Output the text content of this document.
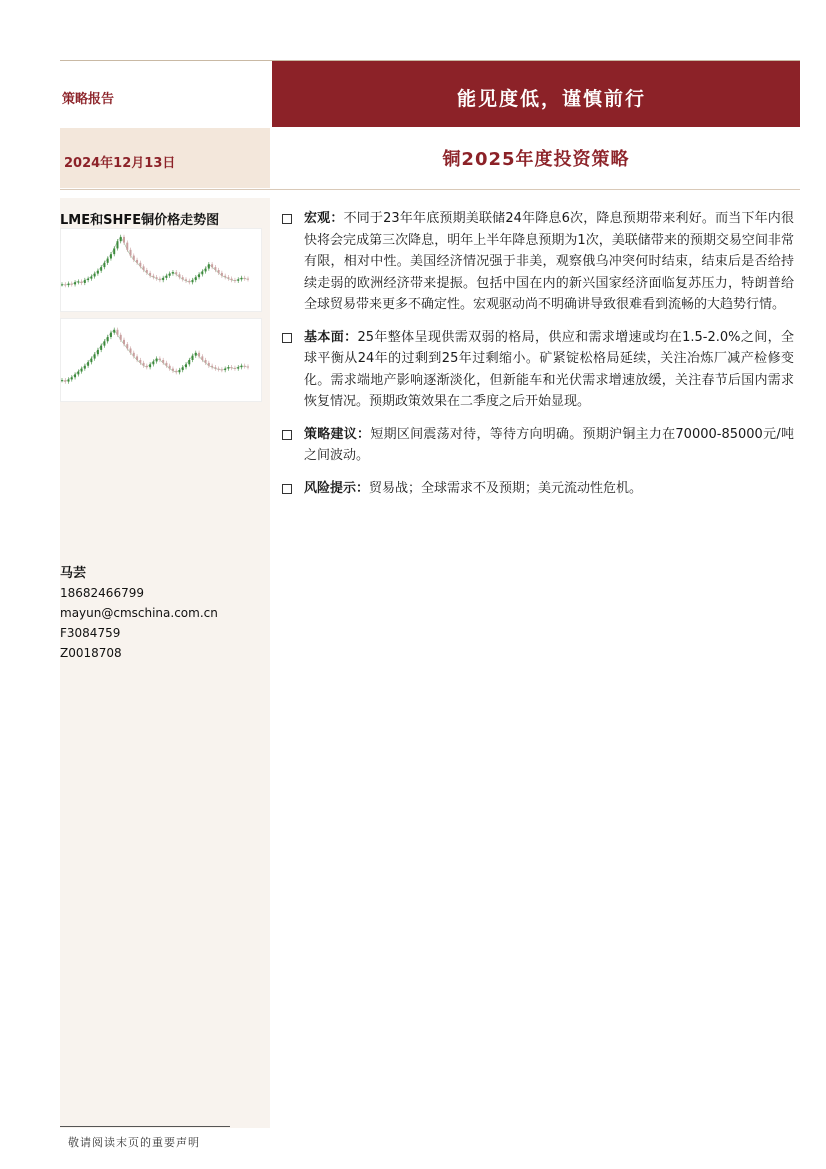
策略报告
2024年12月13日
能见度低，谨慎前行
铜2025年度投资策略
LME和SHFE铜价格走势图
马芸
18682466799
mayun@cmschina.com.cn
F3084759
Z0018708
宏观：不同于23年年底预期美联储24年降息6次，降息预期带来利好。而当下年内很快将会完成第三次降息，明年上半年降息预期为1次，美联储带来的预期交易空间非常有限，相对中性。美国经济情况强于非美，观察俄乌冲突何时结束，结束后是否给持续走弱的欧洲经济带来提振。包括中国在内的新兴国家经济面临复苏压力，特朗普给全球贸易带来更多不确定性。宏观驱动尚不明确讲导致很难看到流畅的大趋势行情。
基本面：25年整体呈现供需双弱的格局，供应和需求增速或均在1.5-2.0%之间，全球平衡从24年的过剩到25年过剩缩小。矿紧锭松格局延续，关注冶炼厂减产检修变化。需求端地产影响逐渐淡化，但新能车和光伏需求增速放缓，关注春节后国内需求恢复情况。预期政策效果在二季度之后开始显现。
策略建议：短期区间震荡对待，等待方向明确。预期沪铜主力在70000-85000元/吨之间波动。
风险提示：贸易战；全球需求不及预期；美元流动性危机。
敬请阅读末页的重要声明
